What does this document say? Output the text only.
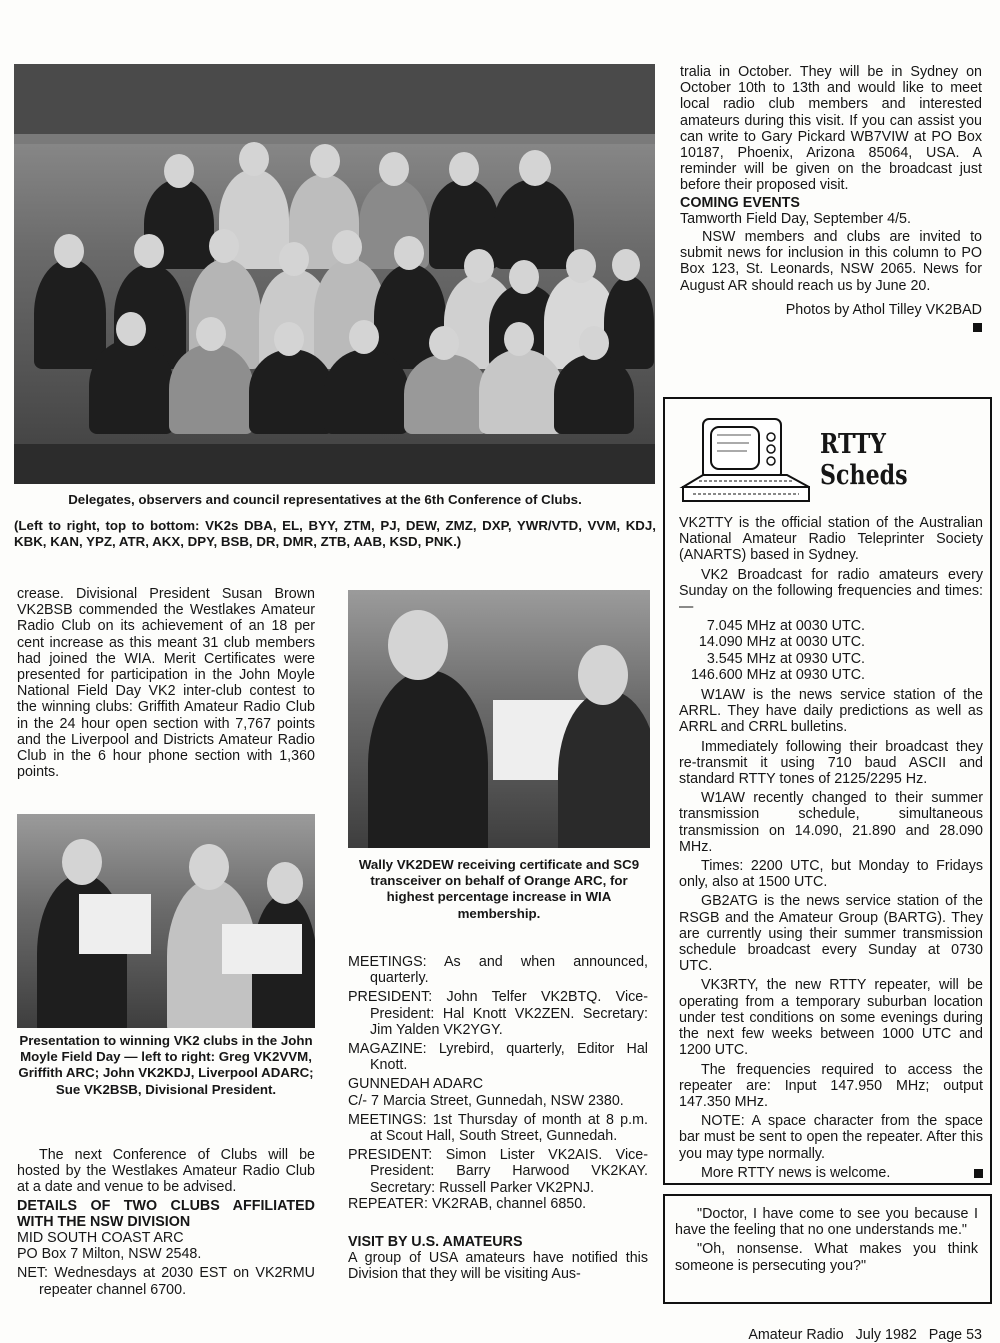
Delegates, observers and council representatives at the 6th Conference of Clubs.
(Left to right, top to bottom: VK2s DBA, EL, BYY, ZTM, PJ, DEW, ZMZ, DXP, YWR/VTD, VVM, KDJ, KBK, KAN, YPZ, ATR, AKX, DPY, BSB, DR, DMR, ZTB, AAB, KSD, PNK.)

tralia in October. They will be in Sydney on October 10th to 13th and would like to meet local radio club members and interested amateurs during this visit. If you can assist you can write to Gary Pickard WB7VIW at PO Box 10187, Phoenix, Arizona 85064, USA. A reminder will be given on the broadcast just before their proposed visit.

COMING EVENTS

Tamworth Field Day, September 4/5.

NSW members and clubs are invited to submit news for inclusion in this column to PO Box 123, St. Leonards, NSW 2065. News for August AR should reach us by June 20.

Photos by Athol Tilley VK2BAD

RTTY
Scheds

VK2TTY is the official station of the Australian National Amateur Radio Teleprinter Society (ANARTS) based in Sydney.

VK2 Broadcast for radio amateurs every Sunday on the following frequencies and times:—

7.045 MHz at 0030 UTC.
14.090 MHz at 0030 UTC.
3.545 MHz at 0930 UTC.
146.600 MHz at 0930 UTC.

W1AW is the news service station of the ARRL. They have daily predictions as well as ARRL and CRRL bulletins.

Immediately following their broadcast they re-transmit it using 710 baud ASCII and standard RTTY tones of 2125/2295 Hz.

W1AW recently changed to their summer transmission schedule, simultaneous transmission on 14.090, 21.890 and 28.090 MHz.

Times: 2200 UTC, but Monday to Fridays only, also at 1500 UTC.

GB2ATG is the news service station of the RSGB and the Amateur Group (BARTG). They are currently using their summer transmission schedule broadcast every Sunday at 0730 UTC.

VK3RTY, the new RTTY repeater, will be operating from a temporary suburban location under test conditions on some evenings during the next few weeks between 1000 UTC and 1200 UTC.

The frequencies required to access the repeater are: Input 147.950 MHz; output 147.350 MHz.

NOTE: A space character from the space bar must be sent to open the repeater. After this you may type normally.

More RTTY news is welcome.

"Doctor, I have come to see you because I have the feeling that no one understands me."

"Oh, nonsense. What makes you think someone is persecuting you?"

crease. Divisional President Susan Brown VK2BSB commended the Westlakes Amateur Radio Club on its achievement of an 18 per cent increase as this meant 31 club members had joined the WIA. Merit Certificates were presented for participation in the John Moyle National Field Day VK2 inter-club contest to the winning clubs: Griffith Amateur Radio Club in the 24 hour open section with 7,767 points and the Liverpool and Districts Amateur Radio Club in the 6 hour phone section with 1,360 points.

Presentation to winning VK2 clubs in the John Moyle Field Day — left to right: Greg VK2VVM, Griffith ARC; John VK2KDJ, Liverpool ADARC; Sue VK2BSB, Divisional President.

The next Conference of Clubs will be hosted by the Westlakes Amateur Radio Club at a date and venue to be advised.

DETAILS OF TWO CLUBS AFFILIATED WITH THE NSW DIVISION

MID SOUTH COAST ARC

PO Box 7 Milton, NSW 2548.

NET: Wednesdays at 2030 EST on VK2RMU repeater channel 6700.

Wally VK2DEW receiving certificate and SC9 transceiver on behalf of Orange ARC, for highest percentage increase in WIA membership.

MEETINGS: As and when announced, quarterly.

PRESIDENT: John Telfer VK2BTQ. Vice-President: Hal Knott VK2ZEN. Secretary: Jim Yalden VK2YGY.

MAGAZINE: Lyrebird, quarterly, Editor Hal Knott.

GUNNEDAH ADARC

C/- 7 Marcia Street, Gunnedah, NSW 2380.

MEETINGS: 1st Thursday of month at 8 p.m. at Scout Hall, South Street, Gunnedah.

PRESIDENT: Simon Lister VK2AIS. Vice-President: Barry Harwood VK2KAY. Secretary: Russell Parker VK2PNJ.

REPEATER: VK2RAB, channel 6850.

VISIT BY U.S. AMATEURS

A group of USA amateurs have notified this Division that they will be visiting Aus-

Amateur Radio   July 1982   Page 53
